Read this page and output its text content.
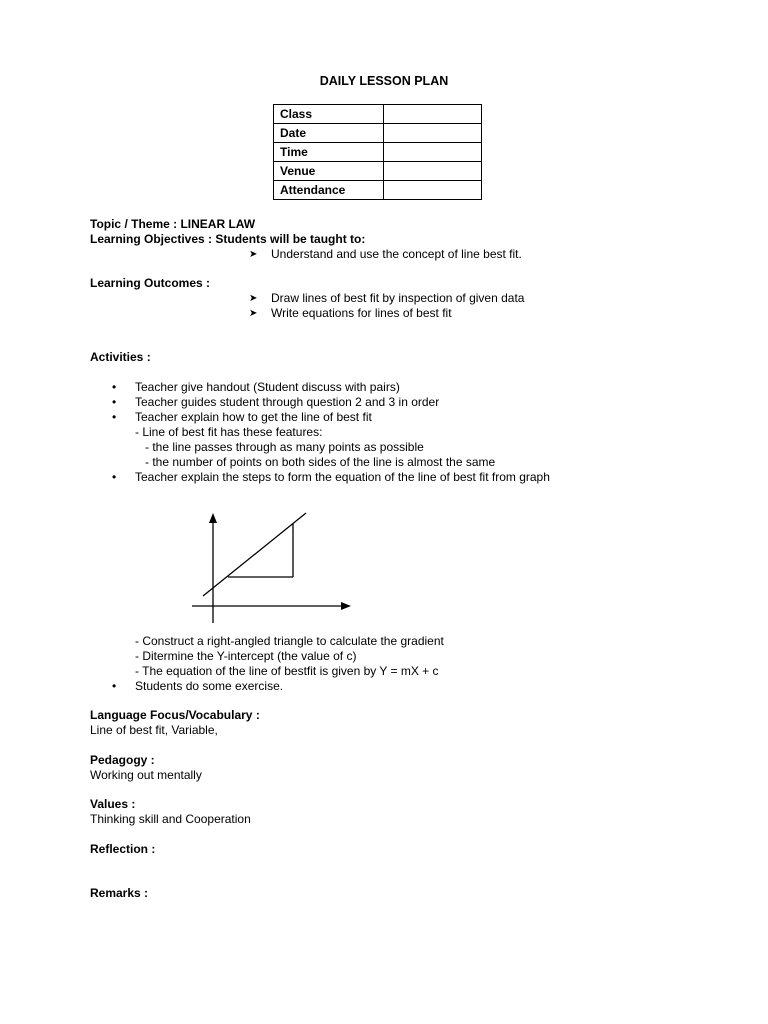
DAILY LESSON PLAN
Class	
Date	
Time	
Venue	
Attendance	
Topic / Theme : LINEAR LAW
Learning Objectives : Students will be taught to:
➤ Understand and use the concept of line best fit.
Learning Outcomes :
➤ Draw lines of best fit by inspection of given data
➤ Write equations for lines of best fit
Activities :
• Teacher give handout (Student discuss with pairs)
• Teacher guides student through question 2 and 3 in order
• Teacher explain how to get the line of best fit
- Line of best fit has these features:
- the line passes through as many points as possible
- the number of points on both sides of the line is almost the same
• Teacher explain the steps to form the equation of the line of best fit from graph
- Construct a right-angled triangle to calculate the gradient
- Ditermine the Y-intercept (the value of c)
- The equation of the line of bestfit is given by Y = mX + c
• Students do some exercise.
Language Focus/Vocabulary :
Line of best fit, Variable,
Pedagogy :
Working out mentally
Values :
Thinking skill and Cooperation
Reflection :
Remarks :
